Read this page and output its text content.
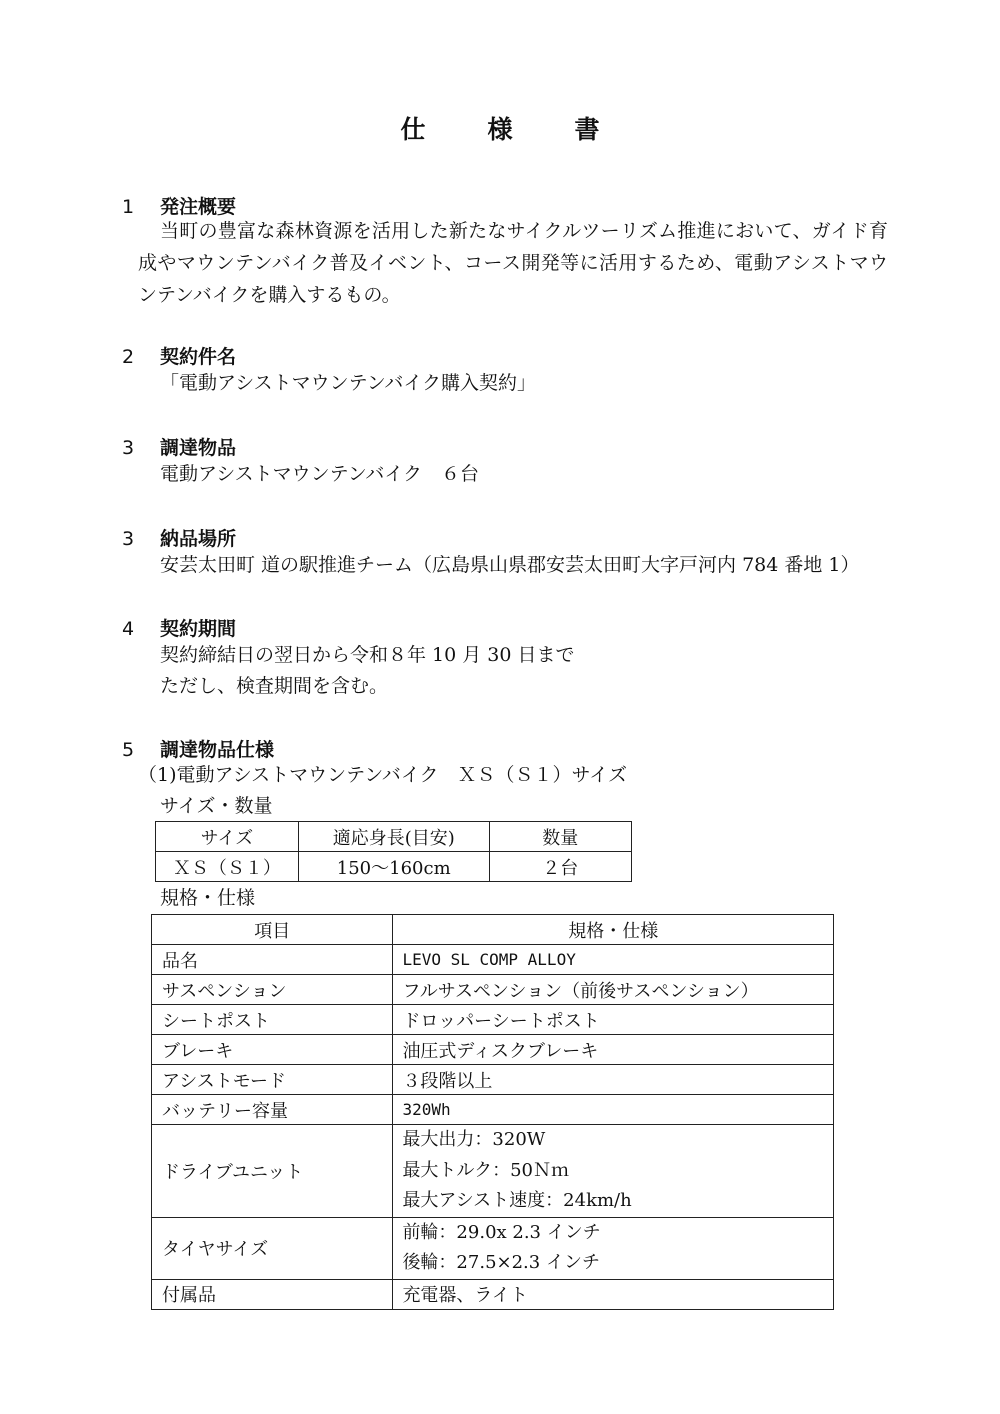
仕様書
1 発注概要
当町の豊富な森林資源を活用した新たなサイクルツーリズム推進において、ガイド育成やマウンテンバイク普及イベント、コース開発等に活用するため、電動アシストマウンテンバイクを購入するもの。
2 契約件名
「電動アシストマウンテンバイク購入契約」
3 調達物品
電動アシストマウンテンバイク　６台
3 納品場所
安芸太田町 道の駅推進チーム（広島県山県郡安芸太田町大字戸河内 784 番地 1）
4 契約期間
契約締結日の翌日から令和８年 10 月 30 日まで
ただし、検査期間を含む。
5 調達物品仕様
（1)電動アシストマウンテンバイク　ＸＳ（Ｓ１）サイズ
サイズ・数量
サイズ	適応身長(目安)	数量
ＸＳ（Ｓ１）	150～160cm	２台
規格・仕様
項目	規格・仕様
品名	LEVO SL COMP ALLOY
サスペンション	フルサスペンション（前後サスペンション）
シートポスト	ドロッパーシートポスト
ブレーキ	油圧式ディスクブレーキ
アシストモード	３段階以上
バッテリー容量	320Wh
ドライブユニット	最大出力：320W
最大トルク：50Ｎｍ
最大アシスト速度：24km/h

タイヤサイズ	前輪：29.0x 2.3 インチ
後輪：27.5×2.3 インチ

付属品	充電器、ライト
